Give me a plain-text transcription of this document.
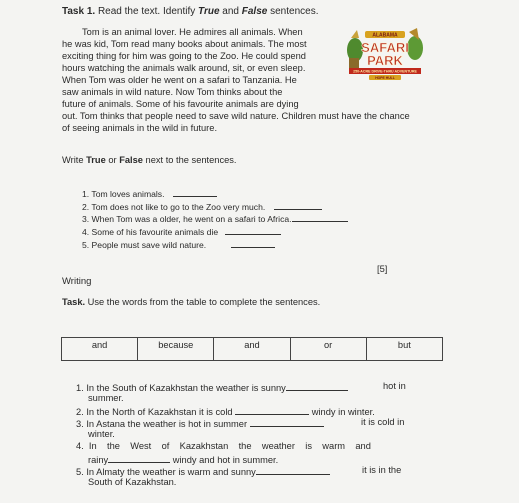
Task 1. Read the text. Identify True and False sentences.
Tom is an animal lover. He admires all animals. When
he was kid, Tom read many books about animals. The most
exciting thing for him was going to the Zoo. He could spend
hours watching the animals walk around, sit, or even sleep.
When Tom was older he went on a safari to Tanzania. He
saw animals in wild nature. Now Tom thinks about the
future of animals. Some of his favourite animals are dying
out. Tom thinks that people need to save wild nature. Children must have the chance
of seeing animals in the wild in future.
ALABAMA
SAFARI
PARK
250-ACRE DRIVE-THRU ADVENTURE
HOPE HULL
Write True or False next to the sentences.
1. Tom loves animals.
2. Tom does not like to go to the Zoo very much.
3. When Tom was a older, he went on a safari to Africa.
4. Some of his favourite animals die
5. People must save wild nature.
[5]
Writing
Task. Use the words from the table to complete the sentences.
and	because	and	or	but
1. In the South of Kazakhstan the weather is sunny	hot in
summer.
2. In the North of Kazakhstan it is cold	windy in winter.
3. In Astana the weather is hot in summer	it is cold in
winter.
4.  In    the    West    of    Kazakhstan    the    weather    is    warm    and
rainy	windy and hot in summer.
5. In Almaty the weather is warm and sunny	it is in the
South of Kazakhstan.
